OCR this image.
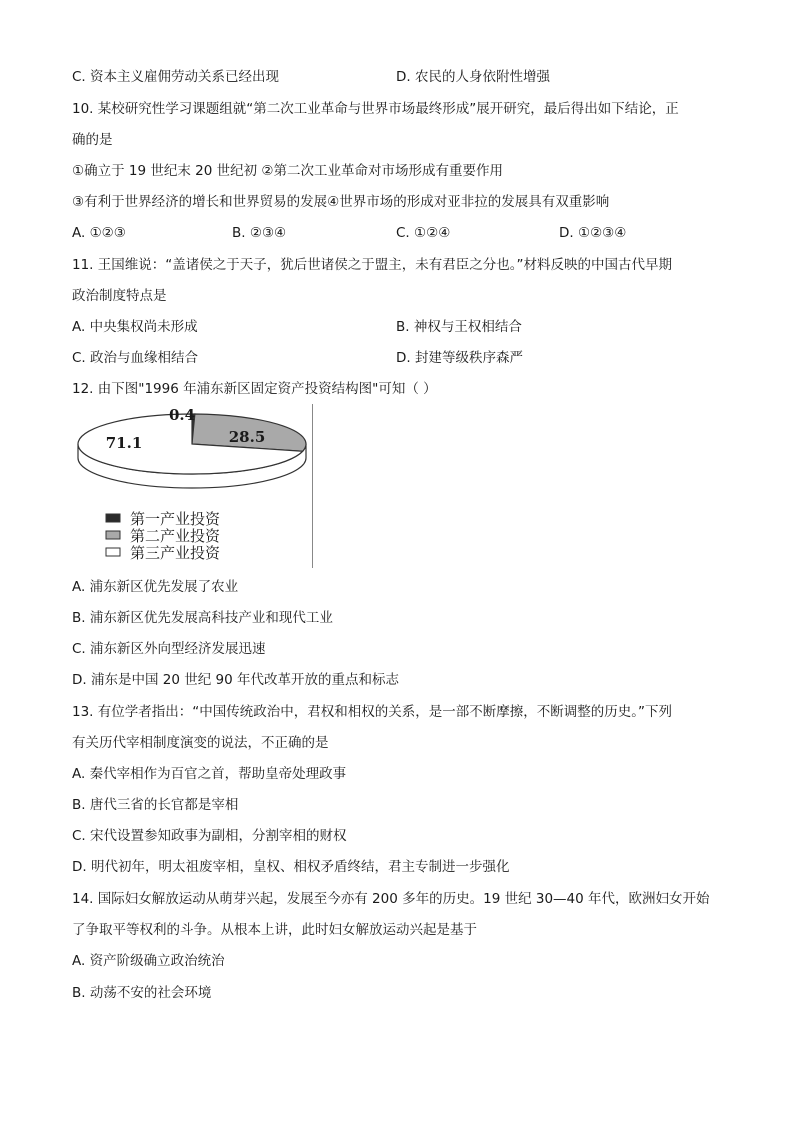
C. 资本主义雇佣劳动关系已经出现	D. 农民的人身依附性增强
10. 某校研究性学习课题组就“第二次工业革命与世界市场最终形成”展开研究，最后得出如下结论，正
确的是
①确立于 19 世纪末 20 世纪初 ②第二次工业革命对市场形成有重要作用
③有利于世界经济的增长和世界贸易的发展④世界市场的形成对亚非拉的发展具有双重影响
A. ①②③	B. ②③④	C. ①②④	D. ①②③④
11. 王国维说：“盖诸侯之于天子，犹后世诸侯之于盟主，未有君臣之分也。”材料反映的中国古代早期
政治制度特点是
A. 中央集权尚未形成	B. 神权与王权相结合
C. 政治与血缘相结合	D. 封建等级秩序森严
12. 由下图"1996 年浦东新区固定资产投资结构图"可知（ ）
0.4
28.5
71.1
第一产业投资
第二产业投资
第三产业投资
A. 浦东新区优先发展了农业
B. 浦东新区优先发展高科技产业和现代工业
C. 浦东新区外向型经济发展迅速
D. 浦东是中国 20 世纪 90 年代改革开放的重点和标志
13. 有位学者指出：“中国传统政治中，君权和相权的关系，是一部不断摩擦，不断调整的历史。”下列
有关历代宰相制度演变的说法，不正确的是
A. 秦代宰相作为百官之首，帮助皇帝处理政事
B. 唐代三省的长官都是宰相
C. 宋代设置参知政事为副相，分割宰相的财权
D. 明代初年，明太祖废宰相，皇权、相权矛盾终结，君主专制进一步强化
14. 国际妇女解放运动从萌芽兴起，发展至今亦有 200 多年的历史。19 世纪 30—40 年代，欧洲妇女开始
了争取平等权利的斗争。从根本上讲，此时妇女解放运动兴起是基于
A. 资产阶级确立政治统治
B. 动荡不安的社会环境
